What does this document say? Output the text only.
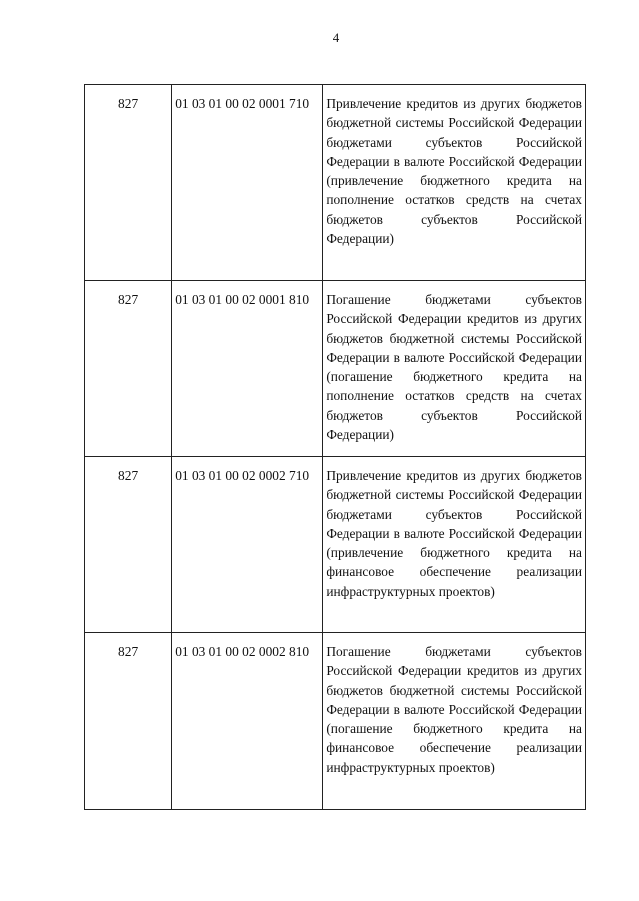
4
827	01 03 01 00 02 0001 710	Привлечение кредитов из других бюджетов бюджетной системы Российской Федерации бюджетами субъектов Российской Федерации в валюте Российской Федерации (привлечение бюджетного кредита на пополнение остатков средств на счетах бюджетов субъектов Российской Федерации)
827	01 03 01 00 02 0001 810	Погашение бюджетами субъектов Российской Федерации кредитов из других бюджетов бюджетной системы Российской Федерации в валюте Российской Федерации (погашение бюджетного кредита на пополнение остатков средств на счетах бюджетов субъектов Российской Федерации)
827	01 03 01 00 02 0002 710	Привлечение кредитов из других бюджетов бюджетной системы Российской Федерации бюджетами субъектов Российской Федерации в валюте Российской Федерации (привлечение бюджетного кредита на финансовое обеспечение реализации инфраструктурных проектов)
827	01 03 01 00 02 0002 810	Погашение бюджетами субъектов Российской Федерации кредитов из других бюджетов бюджетной системы Российской Федерации в валюте Российской Федерации (погашение бюджетного кредита на финансовое обеспечение реализации инфраструктурных проектов)
